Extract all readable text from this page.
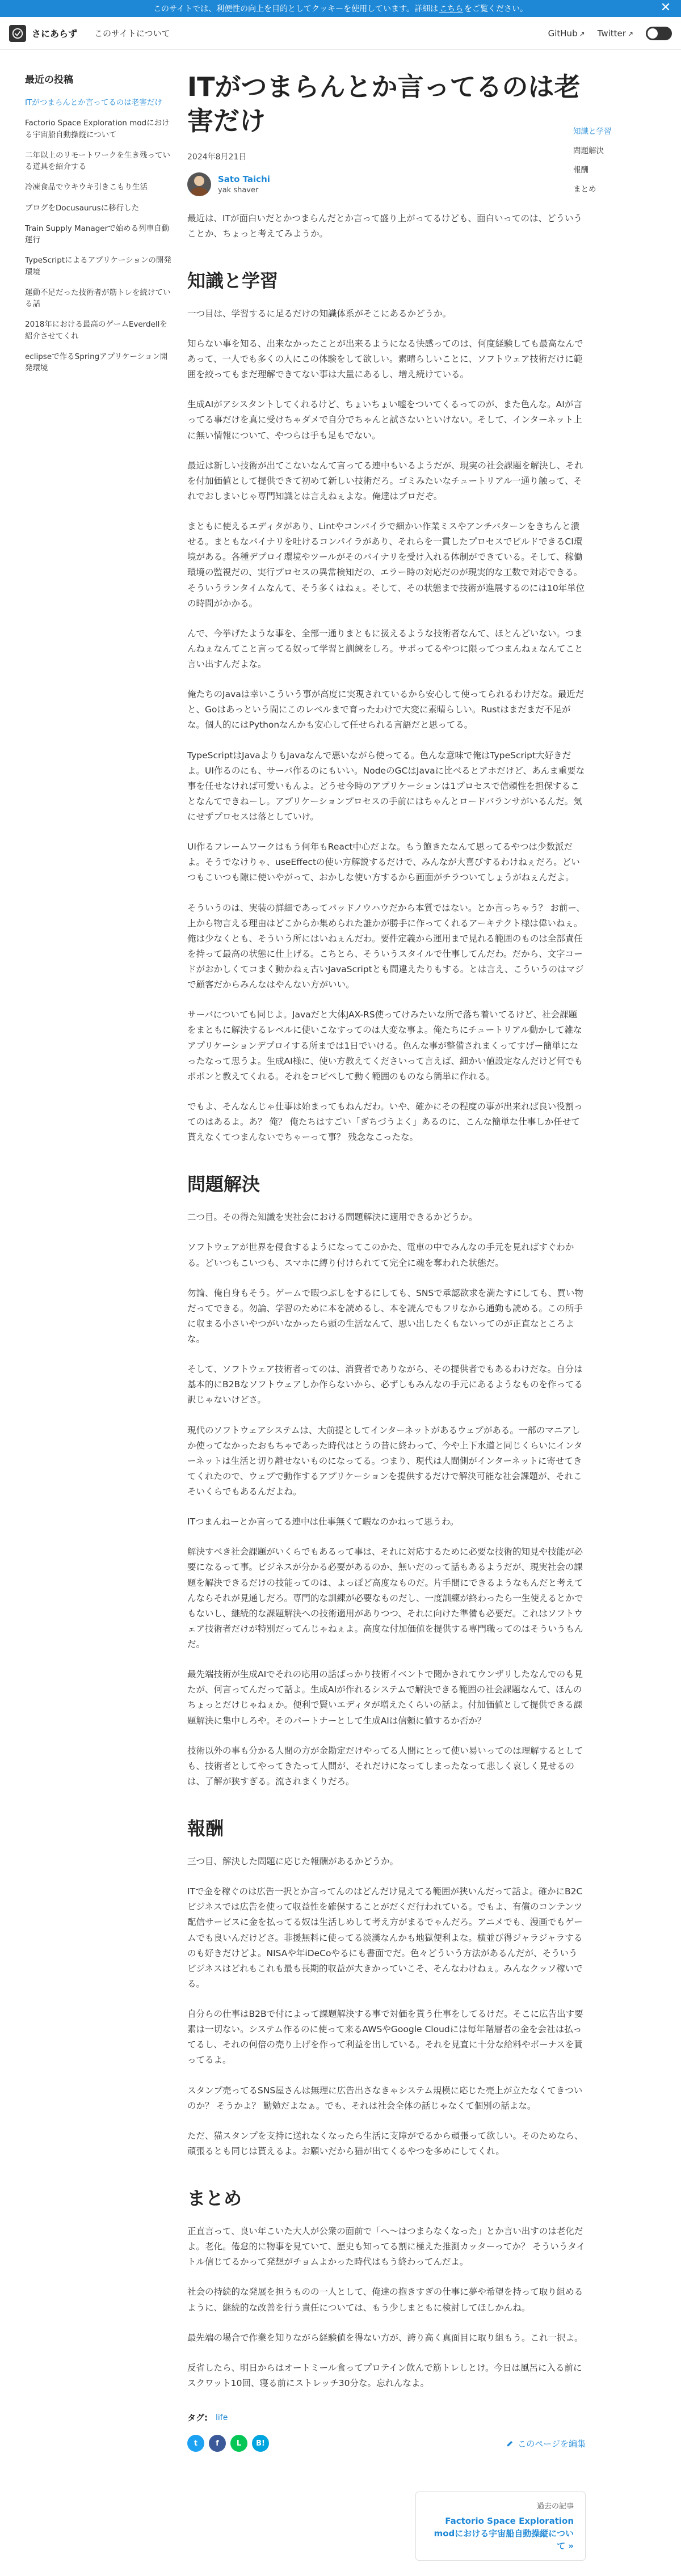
このサイトでは、利便性の向上を目的としてクッキーを使用しています。詳細は こちら をご覧ください。	✕
さにあらず このサイトについて	GitHub ↗ Twitter ↗
最近の投稿
ITがつまらんとか言ってるのは老害だけ
Factorio Space Exploration modにおける宇宙船自動操縦について
二年以上のリモートワークを生き残っている道具を紹介する
冷凍食品でウキウキ引きこもり生活
ブログをDocusaurusに移行した
Train Supply Managerで始める列車自動運行
TypeScriptによるアプリケーションの開発環境
運動不足だった技術者が筋トレを続けている話
2018年における最高のゲームEverdellを紹介させてくれ
eclipseで作るSpringアプリケーション開発環境
ITがつまらんとか言ってるのは老害だけ
2024年8月21日
Sato Taichi
yak shaver

最近は、ITが面白いだとかつまらんだとか言って盛り上がってるけども、面白いってのは、どういうことか、ちょっと考えてみようか。

知識と学習

一つ目は、学習するに足るだけの知識体系がそこにあるかどうか。

知らない事を知る、出来なかったことが出来るようになる快感ってのは、何度経験しても最高なんであって、一人でも多くの人にこの体験をして欲しい。素晴らしいことに、ソフトウェア技術だけに範囲を絞ってもまだ理解できてない事は大量にあるし、増え続けている。

生成AIがアシスタントしてくれるけど、ちょいちょい嘘をついてくるってのが、また色んな。AIが言ってる事だけを真に受けちゃダメで自分でちゃんと試さないといけない。そして、インターネット上に無い情報について、やつらは手も足もでない。

最近は新しい技術が出てこないなんて言ってる連中もいるようだが、現実の社会課題を解決し、それを付加価値として提供できて初めて新しい技術だろ。ゴミみたいなチュートリアル一通り触って、それでおしまいじゃ専門知識とは言えねぇよな。俺達はプロだぞ。

まともに使えるエディタがあり、Lintやコンパイラで細かい作業ミスやアンチパターンをきちんと潰せる。まともなバイナリを吐けるコンパイラがあり、それらを一貫したプロセスでビルドできるCI環境がある。各種デプロイ環境やツールがそのバイナリを受け入れる体制ができている。そして、稼働環境の監視だの、実行プロセスの異常検知だの、エラー時の対応だのが現実的な工数で対応できる。そういうランタイムなんて、そう多くはねぇ。そして、その状態まで技術が進展するのには10年単位の時間がかかる。

んで、今挙げたような事を、全部一通りまともに扱えるような技術者なんて、ほとんどいない。つまんねぇなんてこと言ってる奴って学習と訓練をしろ。サボってるやつに限ってつまんねぇなんてこと言い出すんだよな。

俺たちのJavaは幸いこういう事が高度に実現されているから安心して使ってられるわけだな。最近だと、Goはあっという間にこのレベルまで育ったわけで大変に素晴らしい。Rustはまだまだ不足がな。個人的にはPythonなんかも安心して任せられる言語だと思ってる。

TypeScriptはJavaよりもJavaなんで悪いながら使ってる。色んな意味で俺はTypeScript大好きだよ。UI作るのにも、サーバ作るのにもいい。NodeのGCはJavaに比べるとアホだけど、あんま重要な事を任せなければ可愛いもんよ。どうせ今時のアプリケーションは1プロセスで信頼性を担保することなんてできねーし。アプリケーションプロセスの手前にはちゃんとロードバランサがいるんだ。気にせずプロセスは落としていけ。

UI作るフレームワークはもう何年もReact中心だよな。もう飽きたなんて思ってるやつは少数派だよ。そうでなけりゃ、useEffectの使い方解説するだけで、みんなが大喜びするわけねぇだろ。どいつもこいつも隙に使いやがって、おかしな使い方するから画面がチラついてしょうがねぇんだよ。

そういうのは、実装の詳細であってパッドノウハウだから本質ではない。とか言っちゃう？ お前ー、上から物言える理由はどこからか集められた誰かが勝手に作ってくれるアーキテクト様は偉いねぇ。俺は少なくとも、そういう所にはいねぇんだわ。要件定義から運用まで見れる範囲のものは全部責任を持って最高の状態に仕上げる。こちとら、そういうスタイルで仕事してんだわ。だから、文字コードがおかしくてコまく動かねぇ古いJavaScriptとも間違えたりもする。とは言え、こういうのはマジで顧客だからみんなはやんない方がいい。

サーバについても同じよ。Javaだと大体JAX-RS使ってけみたいな所で落ち着いてるけど、社会課題をまともに解決するレベルに使いこなすってのは大変な事よ。俺たちにチュートリアル動かして雑なアプリケーションデプロイする所までは1日でいける。色んな事が整備されまくってすげー簡単になったなって思うよ。生成AI様に、使い方教えてくださいって言えば、細かい値設定なんだけど何でもポポンと教えてくれる。それをコピペして動く範囲のものなら簡単に作れる。

でもよ、そんなんじゃ仕事は始まってもねんだわ。いや、確かにその程度の事が出来れば良い役割ってのはあるよ。あ？ 俺？ 俺たちはすごい「ぎちづうよく」あるのに、こんな簡単な仕事しか任せて貰えなくてつまんないでちゃーって事？ 残念なこったな。

問題解決

二つ目。その得た知識を実社会における問題解決に適用できるかどうか。

ソフトウェアが世界を侵食するようになってこのかた、電車の中でみんなの手元を見ればすぐわかる。どいつもこいつも、スマホに縛り付けられてて完全に魂を奪われた状態だ。

勿論、俺自身もそう。ゲームで暇つぶしをするにしても、SNSで承認欲求を満たすにしても、買い物だってできる。勿論、学習のために本を読めるし、本を読んでもフリなから通勤も読める。この所手に収まる小さいやつがいなかったら頭の生活なんて、思い出したくもないってのが正直なところよな。

そして、ソフトウェア技術者ってのは、消費者でありながら、その提供者でもあるわけだな。自分は基本的にB2Bなソフトウェアしか作らないから、必ずしもみんなの手元にあるようなものを作ってる訳じゃないけどさ。

現代のソフトウェアシステムは、大前提としてインターネットがあるウェブがある。一部のマニアしか使ってなかったおもちゃであった時代はとうの昔に終わって、今や上下水道と同じくらいにインターネットは生活と切り離せないものになってる。つまり、現代は人間側がインターネットに寄せてきてくれたので、ウェブで動作するアプリケーションを提供するだけで解決可能な社会課題が、それこそいくらでもあるんだよね。

ITつまんねーとか言ってる連中は仕事無くて暇なのかねって思うわ。

解決すべき社会課題がいくらでもあるって事は、それに対応するために必要な技術的知見や技能が必要になるって事。ビジネスが分かる必要があるのか、無いだのって話もあるようだが、現実社会の課題を解決できるだけの技能ってのは、よっぽど高度なものだ。片手間にできるようなもんだと考えてんならそれが見通しだろ。専門的な訓練が必要なものだし、一度訓練が終わったら一生使えるとかでもないし、継続的な課題解決への技術適用がありつつ、それに向けた準備も必要だ。これはソフトウェア技術者だけが特別だってんじゃねぇよ。高度な付加価値を提供する専門職ってのはそういうもんだ。

最先端技術が生成AIでそれの応用の話ばっかり技術イベントで聞かされてウンザリしたなんでのも見たが、何言ってんだって話よ。生成AIが作れるシステムで解決できる範囲の社会課題なんて、ほんのちょっとだけじゃねぇか。便利で賢いエディタが増えたくらいの話よ。付加価値として提供できる課題解決に集中しろや。そのパートナーとして生成AIは信頼に値するか否か？

技術以外の事も分かる人間の方が金勘定だけやってる人間にとって使い易いってのは理解するとしても、技術者としてやってきたって人間が、それだけになってしまったなって悲しく哀しく見せるのは、了解が狭すぎる。流されまくりだろ。

報酬

三つ目、解決した問題に応じた報酬があるかどうか。

ITで金を稼ぐのは広告一択とか言ってんのはどんだけ見えてる範囲が狭いんだって話よ。確かにB2Cビジネスでは広告を使って収益性を確保することがだくだ行われている。でもよ、有償のコンテンツ配信サービスに金を払ってる奴は生活しめして考え方がまるでゃんだろ。アニメでも、漫画でもゲームでも良いんだけどさ。非援無料に使ってる淡漢なんかも地獄便利よな。横並び得ジャラジャラするのも好きだけどよ。NISAや年iDeCoやるにも書面でだ。色々どういう方法があるんだが、そういうビジネスはどれもこれも最も長期的収益が大きかっていこそ、そんなわけねぇ。みんなクッソ稼いでる。

自分らの仕事はB2Bで付によって課題解決する事で対価を貰う仕事をしてるけだ。そこに広告出す要素は一切ない。システム作るのに使って来るAWSやGoogle Cloudには毎年階層者の金を会社は払ってるし、それの何倍の売り上げを作って利益を出している。それを見直に十分な給料やボーナスを貰ってるよ。

スタンプ売ってるSNS屋さんは無理に広告出さなきゃシステム規模に応じた売上が立たなくてきついのか？ そうかよ？ 勤勉だよなぁ。でも、それは社会全体の話じゃなくて個別の話よな。

ただ、猫スタンプを支持に送れなくなったら生活に支障がでるから頑張って欲しい。そのためなら、頑張るとも同じは貰えるよ。お願いだから猫が出てくるやつを多めにしてくれ。

まとめ

正直言って、良い年こいた大人が公衆の面前で「へ〜はつまらなくなった」とか言い出すのは老化だよ。老化。倦怠的に物事を見ていて、歴史も知ってる割に極えた推測カッターってか？ そういうタイトル信じてるかって発想がチョムよかった時代はもう終わってんだよ。

社会の持続的な発展を担うものの一人として、俺達の抱きすぎの仕事に夢や希望を持って取り組めるように、継続的な改善を行う責任については、もう少しまともに検討してほしかんね。

最先端の場合で作業を知りながら経験値を得ない方が、誇り高く真面目に取り組もう。これ一択よ。

反省したら、明日からはオートミール食ってプロテイン飲んで筋トレしとけ。今日は風呂に入る前にスクワット10回、寝る前にストレッチ30分な。忘れんなよ。

タグ: life
t	f	L	B!	このページを編集
過去の記事
Factorio Space Exploration modにおける宇宙船自動操縦について »
知識と学習
問題解決
報酬
まとめ
